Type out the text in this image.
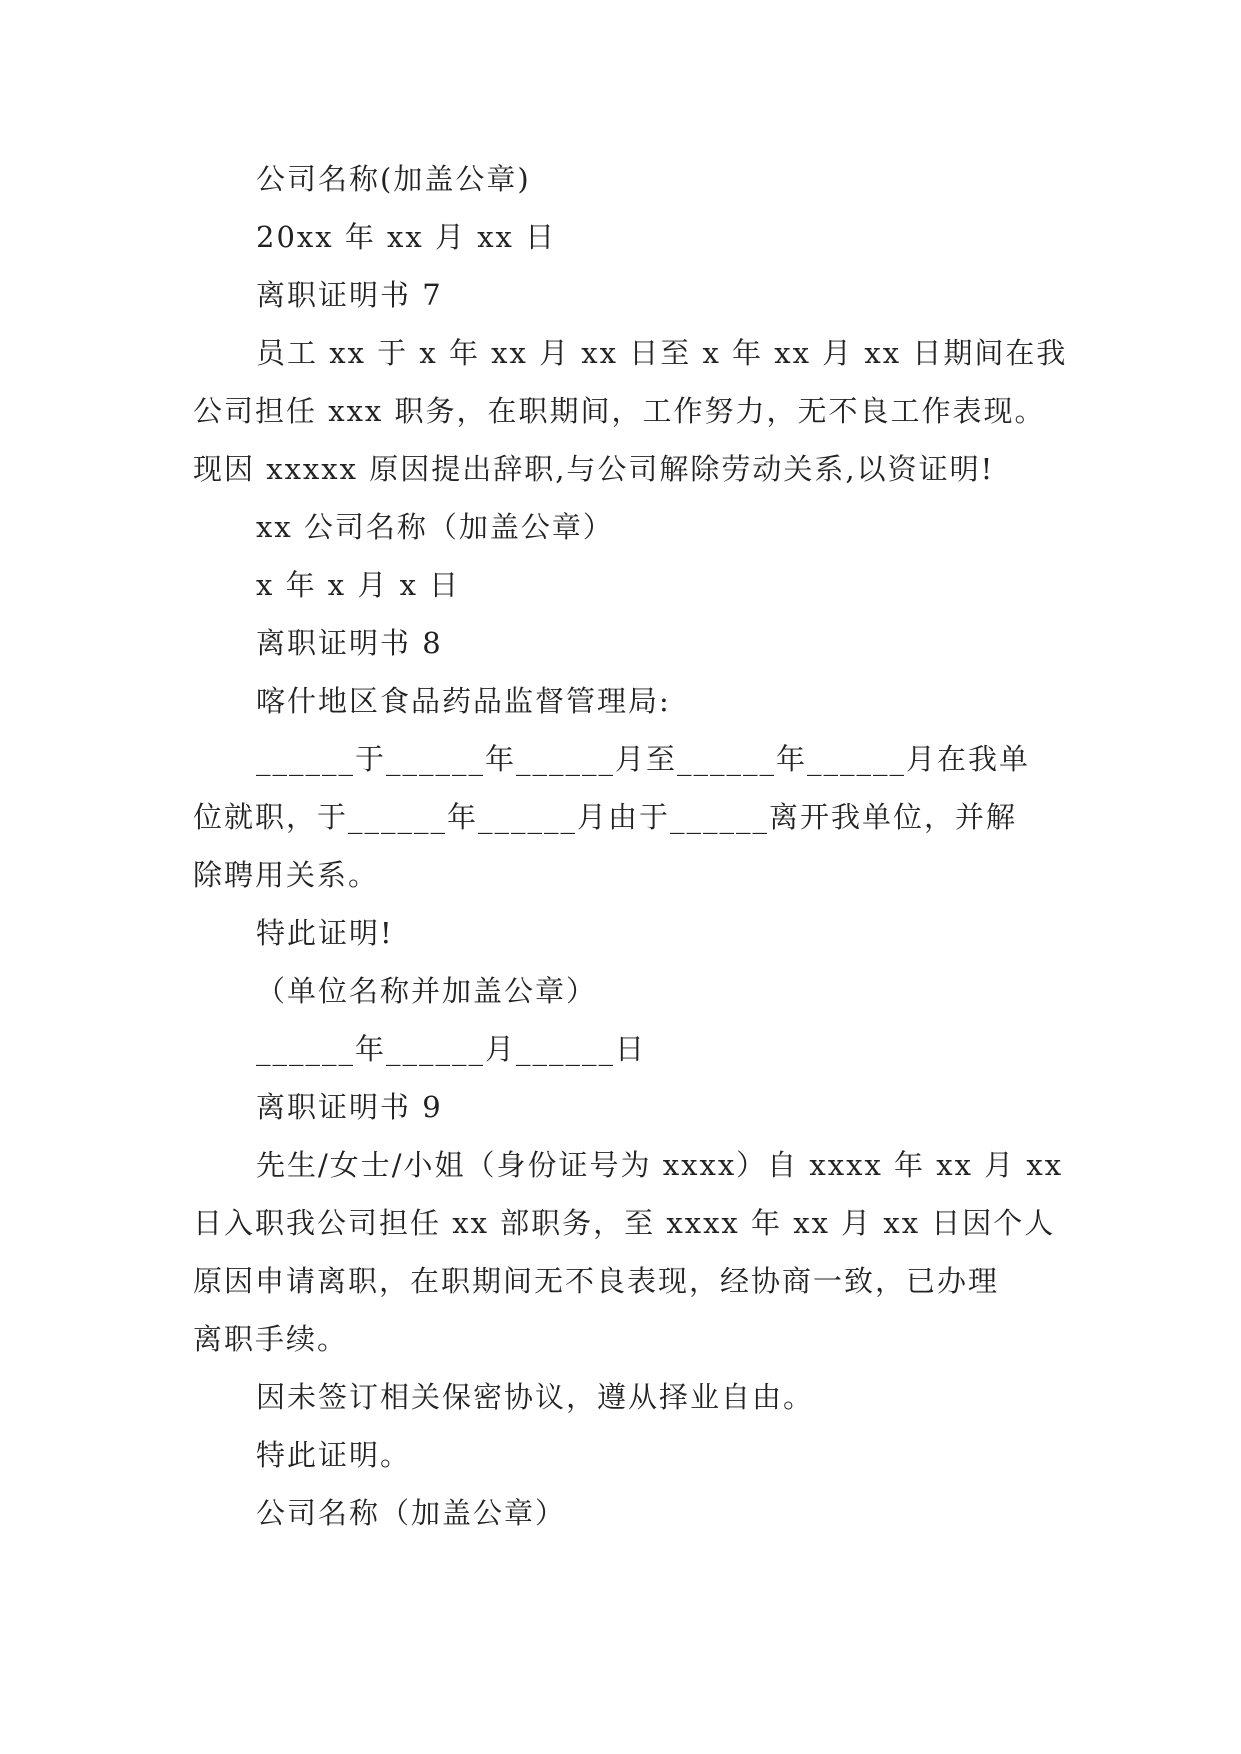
公司名称(加盖公章)
20xx 年 xx 月 xx 日
离职证明书 7
员工 xx 于 x 年 xx 月 xx 日至 x 年 xx 月 xx 日期间在我
公司担任 xxx 职务，在职期间，工作努力，无不良工作表现。
现因 xxxxx 原因提出辞职,与公司解除劳动关系,以资证明!
xx 公司名称（加盖公章）
x 年 x 月 x 日
离职证明书 8
喀什地区食品药品监督管理局:
______于______年______月至______年______月在我单
位就职，于______年______月由于______离开我单位，并解
除聘用关系。
特此证明!
（单位名称并加盖公章）
______年______月______日
离职证明书 9
先生/女士/小姐（身份证号为 xxxx）自 xxxx 年 xx 月 xx
日入职我公司担任 xx 部职务，至 xxxx 年 xx 月 xx 日因个人
原因申请离职，在职期间无不良表现，经协商一致，已办理
离职手续。
因未签订相关保密协议，遵从择业自由。
特此证明。
公司名称（加盖公章）
